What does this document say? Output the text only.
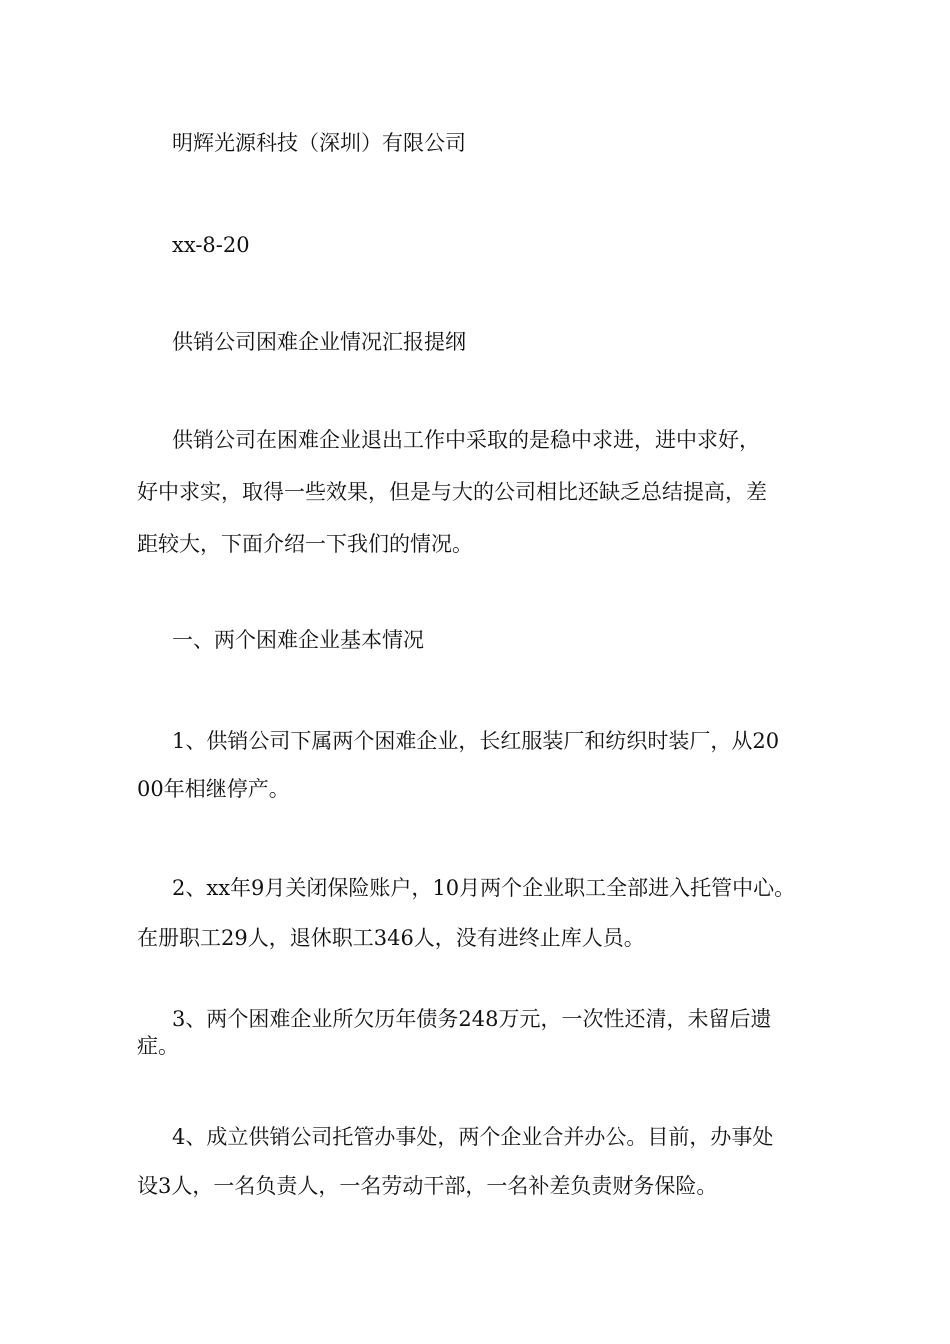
明辉光源科技（深圳）有限公司

xx-8-20

供销公司困难企业情况汇报提纲

供销公司在困难企业退出工作中采取的是稳中求进，进中求好，

好中求实，取得一些效果，但是与大的公司相比还缺乏总结提高，差

距较大，下面介绍一下我们的情况。

一、两个困难企业基本情况

1、供销公司下属两个困难企业，长红服装厂和纺织时装厂，从20

00年相继停产。

2、xx年9月关闭保险账户，10月两个企业职工全部进入托管中心。

在册职工29人，退休职工346人，没有进终止库人员。

3、两个困难企业所欠历年债务248万元，一次性还清，未留后遗

症。

4、成立供销公司托管办事处，两个企业合并办公。目前，办事处

设3人，一名负责人，一名劳动干部，一名补差负责财务保险。
